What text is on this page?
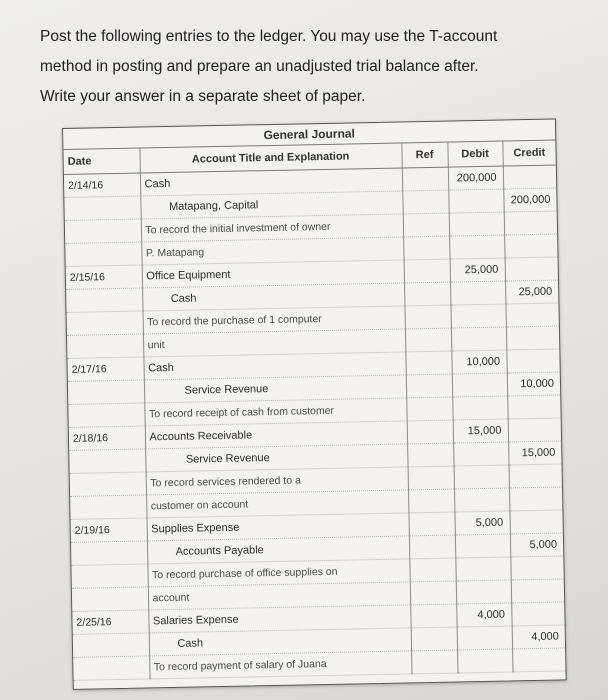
Post the following entries to the ledger. You may use the T-account

method in posting and prepare an unadjusted trial balance after.

Write your answer in a separate sheet of paper.

General Journal
Date	Account Title and Explanation	Ref	Debit	Credit
2/14/16	Cash		200,000	
	Matapang, Capital			200,000
	To record the initial investment of owner			
	P. Matapang			
2/15/16	Office Equipment		25,000	
	Cash			25,000
	To record the purchase of 1 computer			
	unit			
2/17/16	Cash		10,000	
	Service Revenue			10,000
	To record receipt of cash from customer			
2/18/16	Accounts Receivable		15,000	
	Service Revenue			15,000
	To record services rendered to a			
	customer on account			
2/19/16	Supplies Expense		5,000	
	Accounts Payable			5,000
	To record purchase of office supplies on			
	account			
2/25/16	Salaries Expense		4,000	
	Cash			4,000
	To record payment of salary of Juana			
